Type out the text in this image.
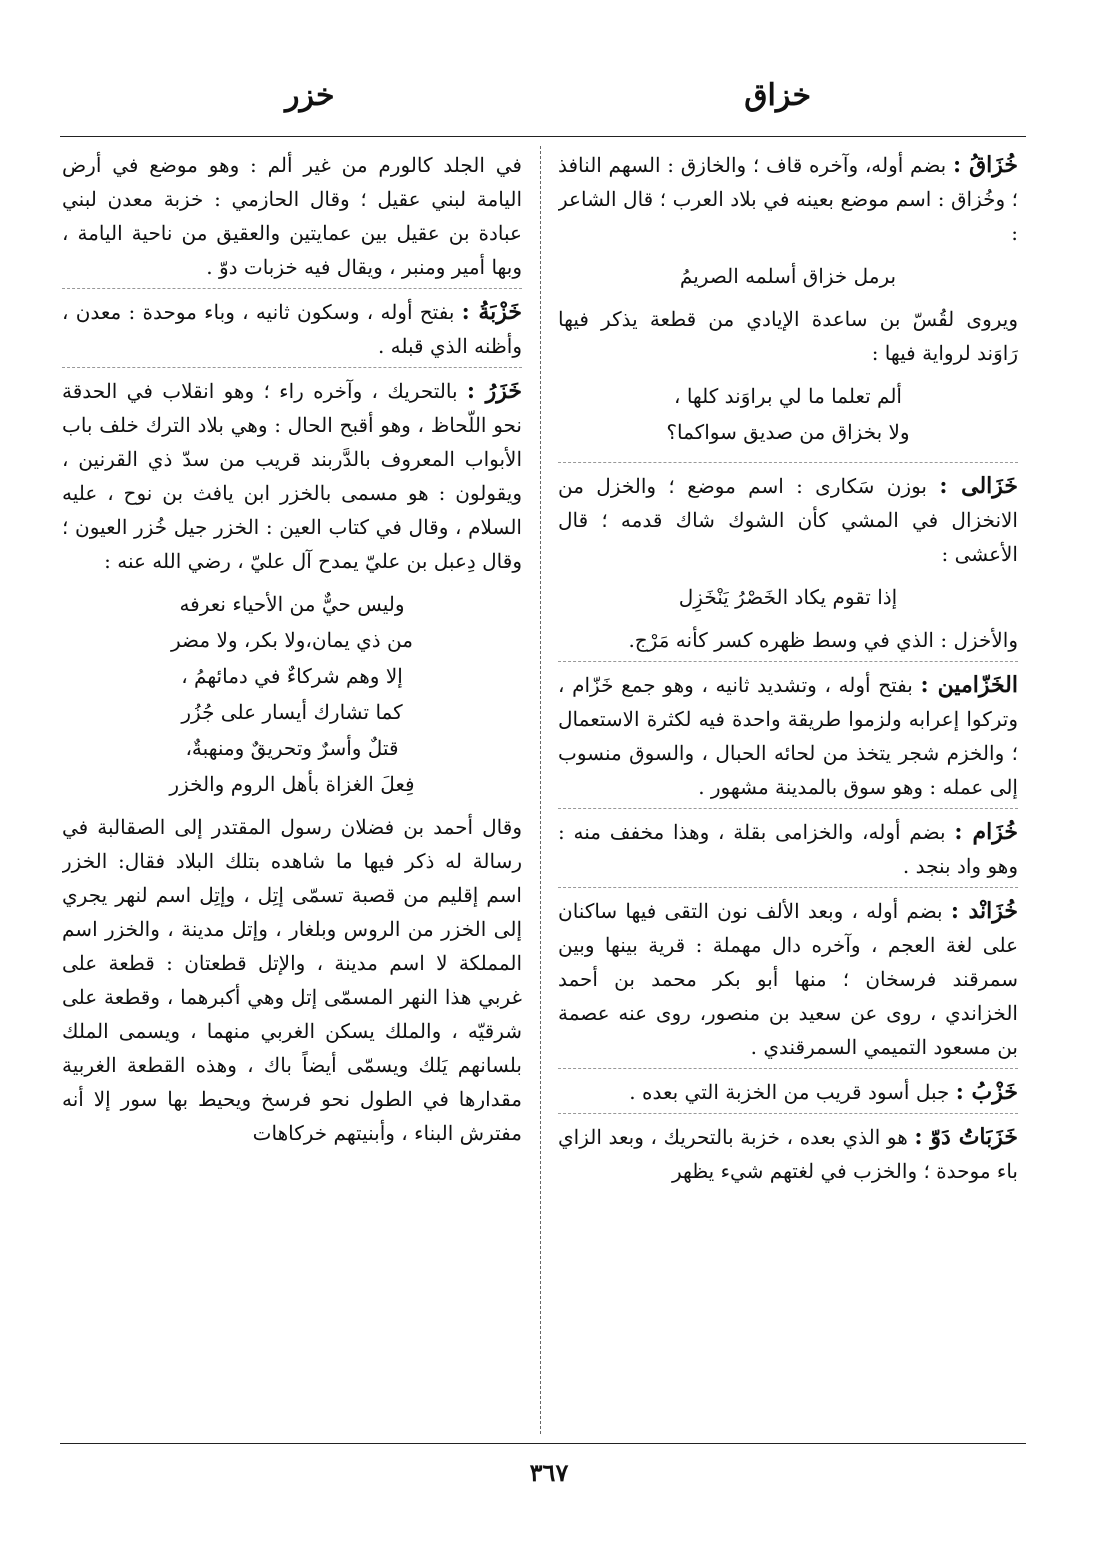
خزاق
خزر
خُزَاقُ : بضم أوله، وآخره قاف ؛ والخازق : السهم النافذ ؛ وخُزاق : اسم موضع بعينه في بلاد العرب ؛ قال الشاعر :
برمل خزاق أسلمه الصريمُ
ويروى لقُسّ بن ساعدة الإيادي من قطعة يذكر فيها رَاوَند لرواية فيها :
ألم تعلما ما لي براوَند كلها ،
ولا بخزاق من صديق سواكما؟
خَزَالى : بوزن سَكارى : اسم موضع ؛ والخزل من الانخزال في المشي كأن الشوك شاك قدمه ؛ قال الأعشى :
إذا تقوم يكاد الخَصْرُ يَنْخَزِل
والأخزل : الذي في وسط ظهره كسر كأنه مَرْج.
الخَزّامين : بفتح أوله ، وتشديد ثانيه ، وهو جمع خَزّام ، وتركوا إعرابه ولزموا طريقة واحدة فيه لكثرة الاستعمال ؛ والخزم شجر يتخذ من لحائه الحبال ، والسوق منسوب إلى عمله : وهو سوق بالمدينة مشهور .
خُزَام : بضم أوله، والخزامى بقلة ، وهذا مخفف منه : وهو واد بنجد .
خُزَانْد : بضم أوله ، وبعد الألف نون التقى فيها ساكنان على لغة العجم ، وآخره دال مهملة : قرية بينها وبين سمرقند فرسخان ؛ منها أبو بكر محمد بن أحمد الخزاندي ، روى عن سعيد بن منصور، روى عنه عصمة بن مسعود التميمي السمرقندي .
خَزْبُ : جبل أسود قريب من الخزبة التي بعده .
خَزَبَاتُ دَوّ : هو الذي بعده ، خزبة بالتحريك ، وبعد الزاي باء موحدة ؛ والخزب في لغتهم شيء يظهر
في الجلد كالورم من غير ألم : وهو موضع في أرض اليامة لبني عقيل ؛ وقال الحازمي : خزبة معدن لبني عبادة بن عقيل بين عمايتين والعقيق من ناحية اليامة ، وبها أمير ومنبر ، ويقال فيه خزبات دوّ .
خَزْبَةُ : بفتح أوله ، وسكون ثانيه ، وباء موحدة : معدن ، وأظنه الذي قبله .
خَزَرُ : بالتحريك ، وآخره راء ؛ وهو انقلاب في الحدقة نحو اللّحاظ ، وهو أقبح الحال : وهي بلاد الترك خلف باب الأبواب المعروف بالدَّربند قريب من سدّ ذي القرنين ، ويقولون : هو مسمى بالخزر ابن يافث بن نوح ، عليه السلام ، وقال في كتاب العين : الخزر جيل خُزر العيون ؛ وقال دِعبل بن عليّ يمدح آل عليّ ، رضي الله عنه :
وليس حيٌّ من الأحياء نعرفه
من ذي يمان،ولا بكر، ولا مضر
إلا وهم شركاءٌ في دمائهمُ ،
كما تشارك أيسار على جُزُر
قتلٌ وأسرٌ وتحريقٌ ومنهبةٌ،
فِعلَ الغزاة بأهل الروم والخزر
وقال أحمد بن فضلان رسول المقتدر إلى الصقالبة في رسالة له ذكر فيها ما شاهده بتلك البلاد فقال: الخزر اسم إقليم من قصبة تسمّى إتِل ، وإتِل اسم لنهر يجري إلى الخزر من الروس وبلغار ، وإتل مدينة ، والخزر اسم المملكة لا اسم مدينة ، والإتل قطعتان : قطعة على غربي هذا النهر المسمّى إتل وهي أكبرهما ، وقطعة على شرقيّه ، والملك يسكن الغربي منهما ، ويسمى الملك بلسانهم يَلك ويسمّى أيضاً باك ، وهذه القطعة الغربية مقدارها في الطول نحو فرسخ ويحيط بها سور إلا أنه مفترش البناء ، وأبنيتهم خركاهات
٣٦٧
